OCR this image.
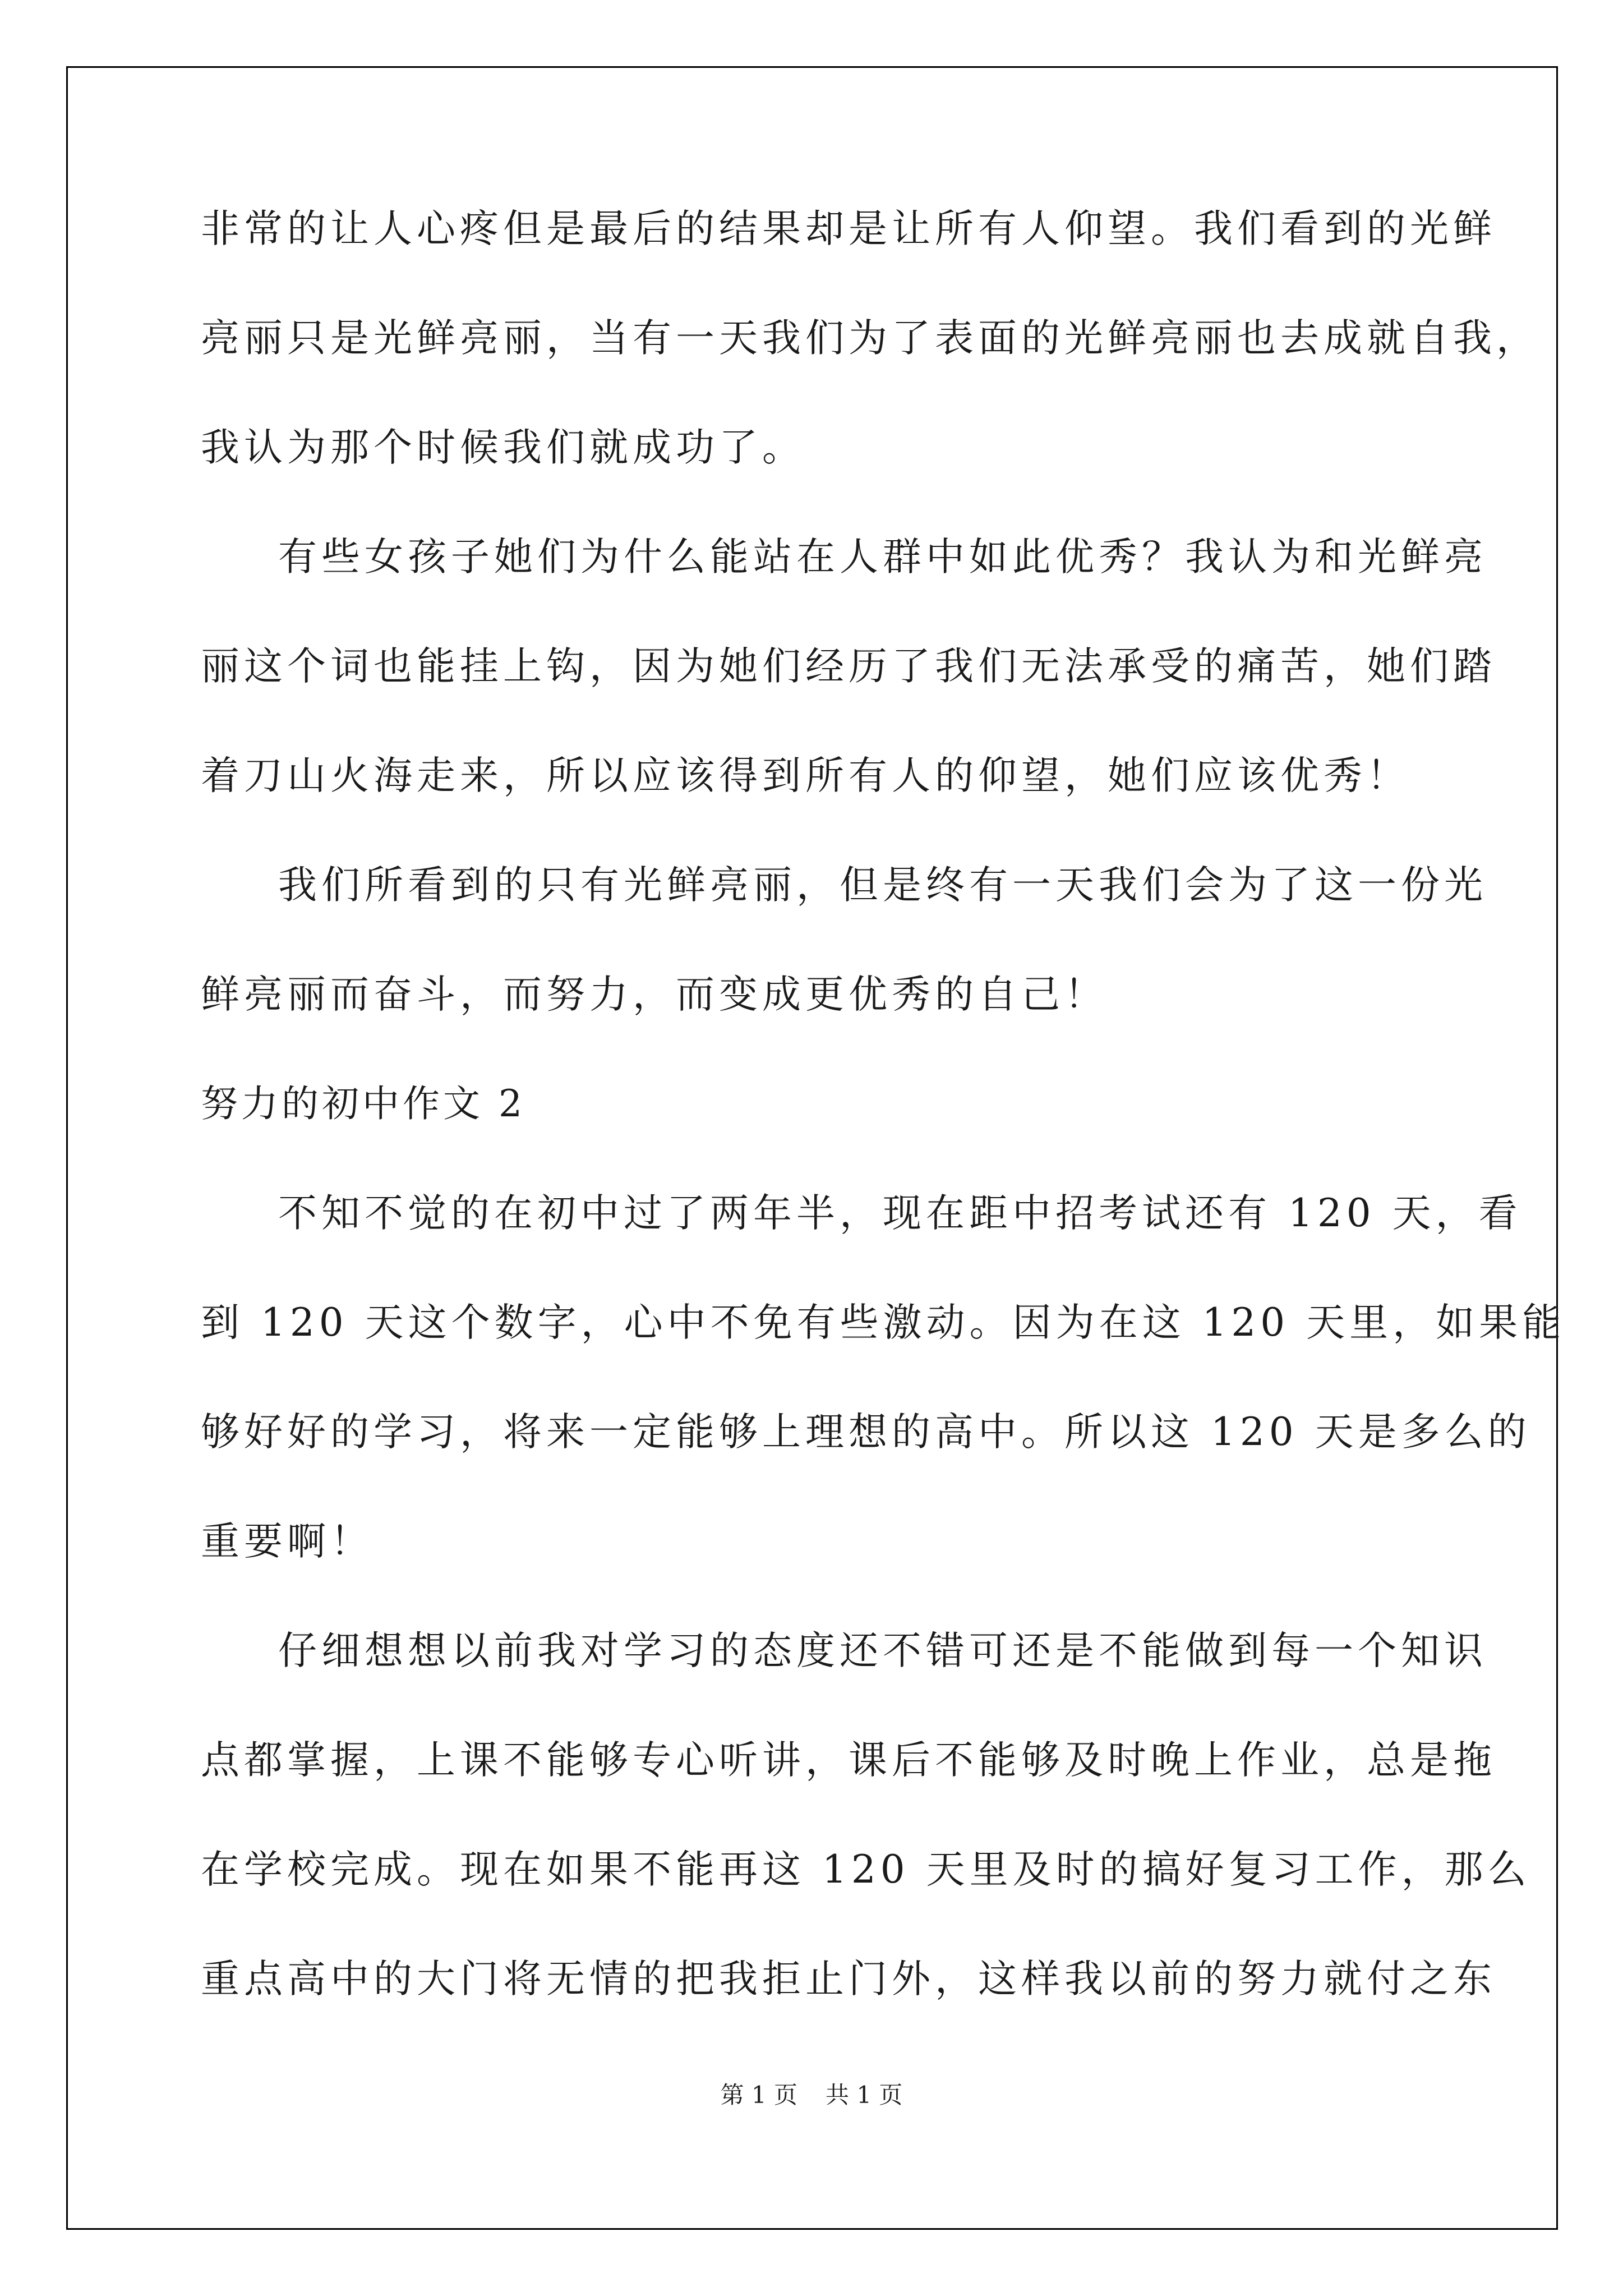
非常的让人心疼但是最后的结果却是让所有人仰望。我们看到的光鲜
亮丽只是光鲜亮丽，当有一天我们为了表面的光鲜亮丽也去成就自我，
我认为那个时候我们就成功了。
有些女孩子她们为什么能站在人群中如此优秀？我认为和光鲜亮
丽这个词也能挂上钩，因为她们经历了我们无法承受的痛苦，她们踏
着刀山火海走来，所以应该得到所有人的仰望，她们应该优秀！
我们所看到的只有光鲜亮丽，但是终有一天我们会为了这一份光
鲜亮丽而奋斗，而努力，而变成更优秀的自己！
努力的初中作文 2
不知不觉的在初中过了两年半，现在距中招考试还有 120 天，看
到 120 天这个数字，心中不免有些激动。因为在这 120 天里，如果能
够好好的学习，将来一定能够上理想的高中。所以这 120 天是多么的
重要啊！
仔细想想以前我对学习的态度还不错可还是不能做到每一个知识
点都掌握，上课不能够专心听讲，课后不能够及时晚上作业，总是拖
在学校完成。现在如果不能再这 120 天里及时的搞好复习工作，那么
重点高中的大门将无情的把我拒止门外，这样我以前的努力就付之东
第 1 页 共 1 页
